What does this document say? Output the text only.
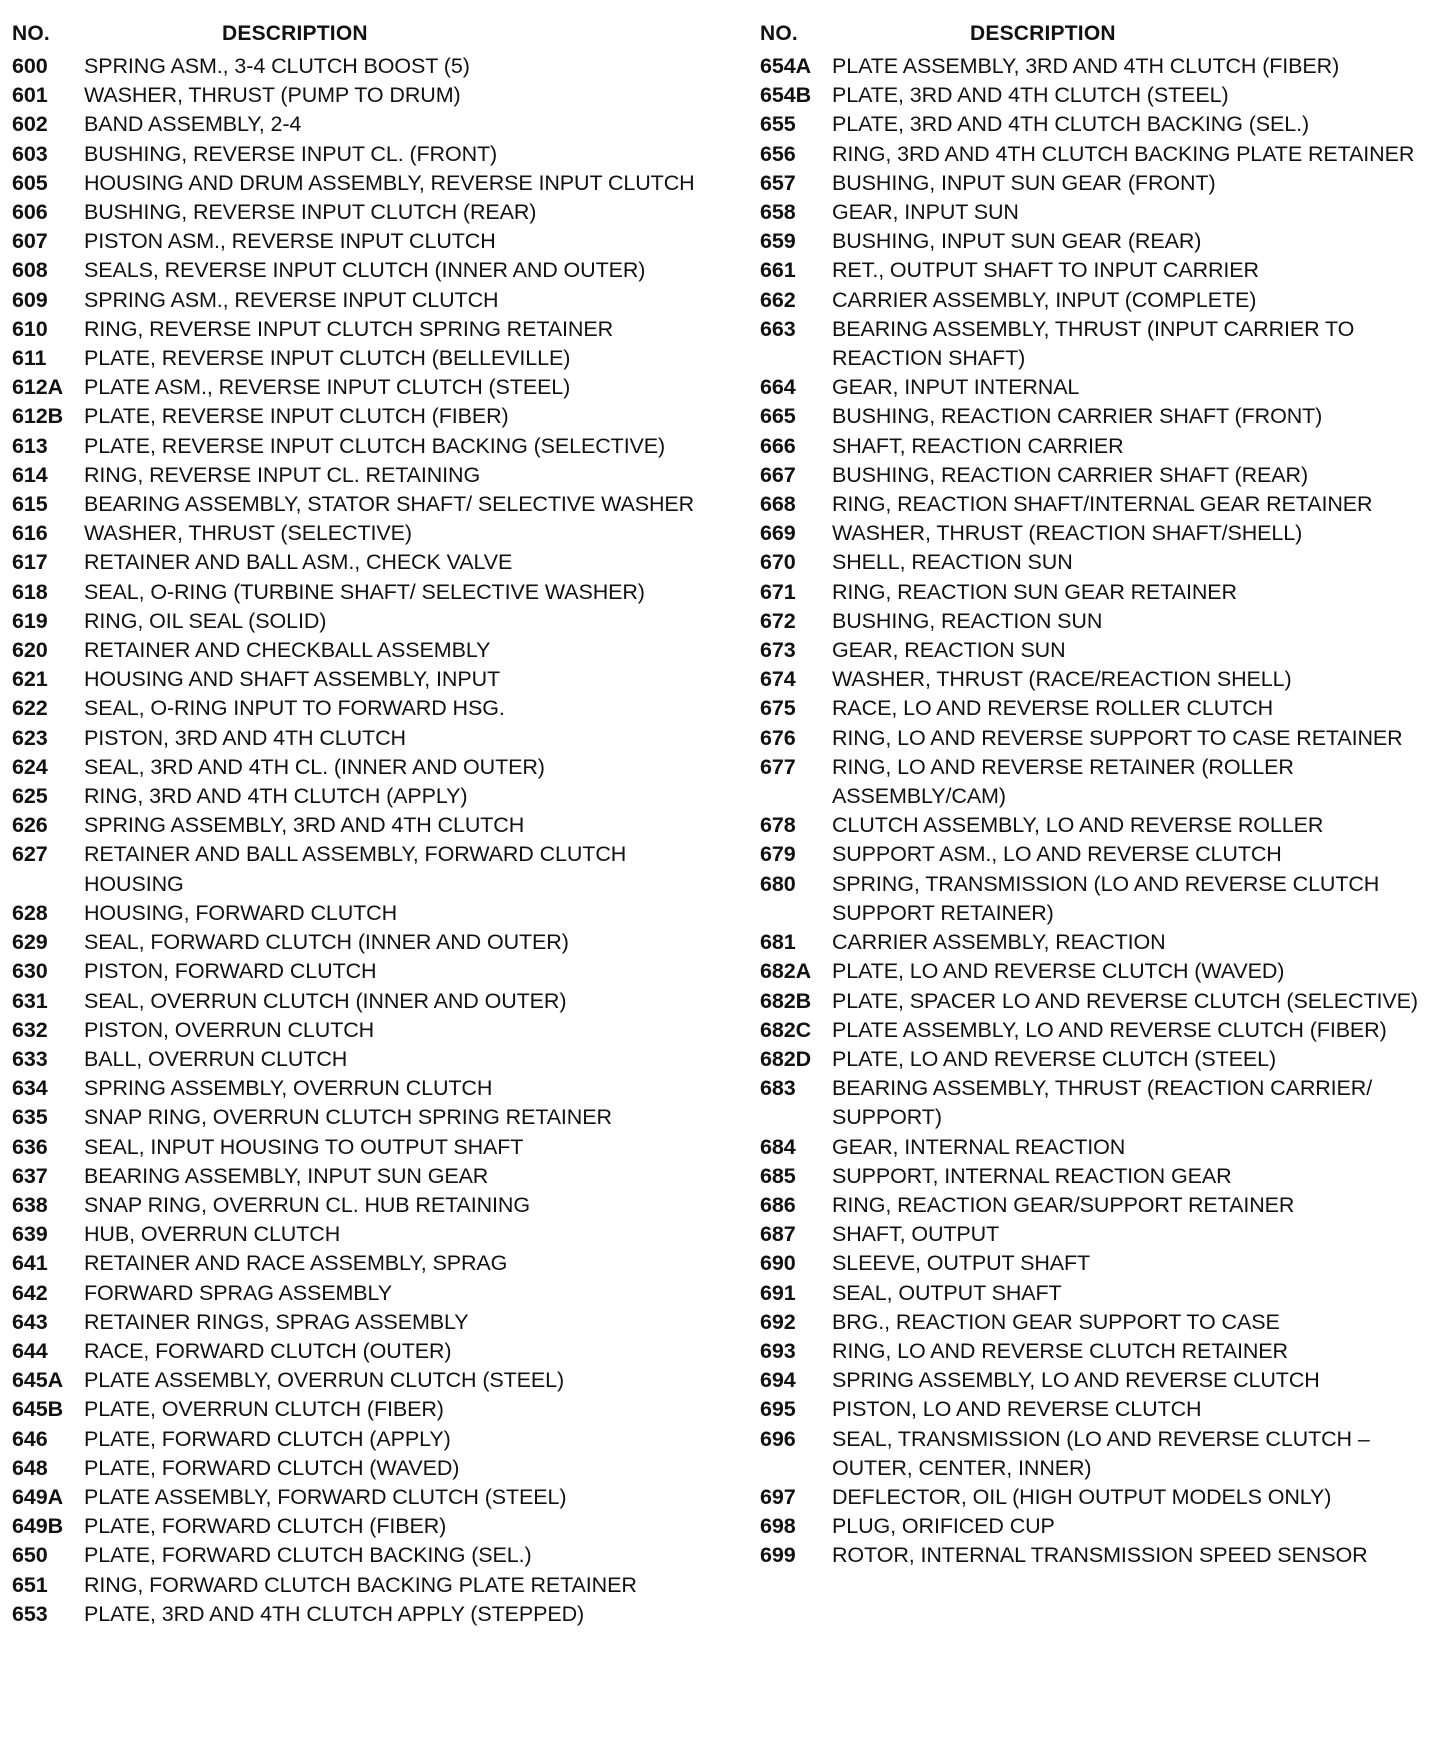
NO.	DESCRIPTION
600	SPRING ASM., 3-4 CLUTCH BOOST (5)
601	WASHER, THRUST (PUMP TO DRUM)
602	BAND ASSEMBLY, 2-4
603	BUSHING, REVERSE INPUT CL. (FRONT)
605	HOUSING AND DRUM ASSEMBLY, REVERSE INPUT CLUTCH
606	BUSHING, REVERSE INPUT CLUTCH (REAR)
607	PISTON ASM., REVERSE INPUT CLUTCH
608	SEALS, REVERSE INPUT CLUTCH (INNER AND OUTER)
609	SPRING ASM., REVERSE INPUT CLUTCH
610	RING, REVERSE INPUT CLUTCH SPRING RETAINER
611	PLATE, REVERSE INPUT CLUTCH (BELLEVILLE)
612A PLATE ASM., REVERSE INPUT CLUTCH (STEEL)
612B PLATE, REVERSE INPUT CLUTCH (FIBER)
613	PLATE, REVERSE INPUT CLUTCH BACKING (SELECTIVE)
614	RING, REVERSE INPUT CL. RETAINING
615	BEARING ASSEMBLY, STATOR SHAFT/ SELECTIVE WASHER
616	WASHER, THRUST (SELECTIVE)
617	RETAINER AND BALL ASM., CHECK VALVE
618	SEAL, O-RING (TURBINE SHAFT/ SELECTIVE WASHER)
619	RING, OIL SEAL (SOLID)
620	RETAINER AND CHECKBALL ASSEMBLY
621	HOUSING AND SHAFT ASSEMBLY, INPUT
622	SEAL, O-RING INPUT TO FORWARD HSG.
623	PISTON, 3RD AND 4TH CLUTCH
624	SEAL, 3RD AND 4TH CL. (INNER AND OUTER)
625	RING, 3RD AND 4TH CLUTCH (APPLY)
626	SPRING ASSEMBLY, 3RD AND 4TH CLUTCH
627	RETAINER AND BALL ASSEMBLY, FORWARD CLUTCH HOUSING
628	HOUSING, FORWARD CLUTCH
629	SEAL, FORWARD CLUTCH (INNER AND OUTER)
630	PISTON, FORWARD CLUTCH
631	SEAL, OVERRUN CLUTCH (INNER AND OUTER)
632	PISTON, OVERRUN CLUTCH
633	BALL, OVERRUN CLUTCH
634	SPRING ASSEMBLY, OVERRUN CLUTCH
635	SNAP RING, OVERRUN CLUTCH SPRING RETAINER
636	SEAL, INPUT HOUSING TO OUTPUT SHAFT
637	BEARING ASSEMBLY, INPUT SUN GEAR
638	SNAP RING, OVERRUN CL. HUB RETAINING
639	HUB, OVERRUN CLUTCH
641	RETAINER AND RACE ASSEMBLY, SPRAG
642	FORWARD SPRAG ASSEMBLY
643	RETAINER RINGS, SPRAG ASSEMBLY
644	RACE, FORWARD CLUTCH (OUTER)
645A PLATE ASSEMBLY, OVERRUN CLUTCH (STEEL)
645B PLATE, OVERRUN CLUTCH (FIBER)
646	PLATE, FORWARD CLUTCH (APPLY)
648	PLATE, FORWARD CLUTCH (WAVED)
649A PLATE ASSEMBLY, FORWARD CLUTCH (STEEL)
649B PLATE, FORWARD CLUTCH (FIBER)
650	PLATE, FORWARD CLUTCH BACKING (SEL.)
651	RING, FORWARD CLUTCH BACKING PLATE RETAINER
653	PLATE, 3RD AND 4TH CLUTCH APPLY (STEPPED)
NO.	DESCRIPTION
654A PLATE ASSEMBLY, 3RD AND 4TH CLUTCH (FIBER)
654B PLATE, 3RD AND 4TH CLUTCH (STEEL)
655	PLATE, 3RD AND 4TH CLUTCH BACKING (SEL.)
656	RING, 3RD AND 4TH CLUTCH BACKING PLATE RETAINER
657	BUSHING, INPUT SUN GEAR (FRONT)
658	GEAR, INPUT SUN
659	BUSHING, INPUT SUN GEAR (REAR)
661	RET., OUTPUT SHAFT TO INPUT CARRIER
662	CARRIER ASSEMBLY, INPUT (COMPLETE)
663	BEARING ASSEMBLY, THRUST (INPUT CARRIER TO REACTION SHAFT)
664	GEAR, INPUT INTERNAL
665	BUSHING, REACTION CARRIER SHAFT (FRONT)
666	SHAFT, REACTION CARRIER
667	BUSHING, REACTION CARRIER SHAFT (REAR)
668	RING, REACTION SHAFT/INTERNAL GEAR RETAINER
669	WASHER, THRUST (REACTION SHAFT/SHELL)
670	SHELL, REACTION SUN
671	RING, REACTION SUN GEAR RETAINER
672	BUSHING, REACTION SUN
673	GEAR, REACTION SUN
674	WASHER, THRUST (RACE/REACTION SHELL)
675	RACE, LO AND REVERSE ROLLER CLUTCH
676	RING, LO AND REVERSE SUPPORT TO CASE RETAINER
677	RING, LO AND REVERSE RETAINER (ROLLER ASSEMBLY/CAM)
678	CLUTCH ASSEMBLY, LO AND REVERSE ROLLER
679	SUPPORT ASM., LO AND REVERSE CLUTCH
680	SPRING, TRANSMISSION (LO AND REVERSE CLUTCH SUPPORT RETAINER)
681	CARRIER ASSEMBLY, REACTION
682A PLATE, LO AND REVERSE CLUTCH (WAVED)
682B PLATE, SPACER LO AND REVERSE CLUTCH (SELECTIVE)
682C PLATE ASSEMBLY, LO AND REVERSE CLUTCH (FIBER)
682D PLATE, LO AND REVERSE CLUTCH (STEEL)
683	BEARING ASSEMBLY, THRUST (REACTION CARRIER/ SUPPORT)
684	GEAR, INTERNAL REACTION
685	SUPPORT, INTERNAL REACTION GEAR
686	RING, REACTION GEAR/SUPPORT RETAINER
687	SHAFT, OUTPUT
690	SLEEVE, OUTPUT SHAFT
691	SEAL, OUTPUT SHAFT
692	BRG., REACTION GEAR SUPPORT TO CASE
693	RING, LO AND REVERSE CLUTCH RETAINER
694	SPRING ASSEMBLY, LO AND REVERSE CLUTCH
695	PISTON, LO AND REVERSE CLUTCH
696	SEAL, TRANSMISSION (LO AND REVERSE CLUTCH – OUTER, CENTER, INNER)
697	DEFLECTOR, OIL (HIGH OUTPUT MODELS ONLY)
698	PLUG, ORIFICED CUP
699	ROTOR, INTERNAL TRANSMISSION SPEED SENSOR
